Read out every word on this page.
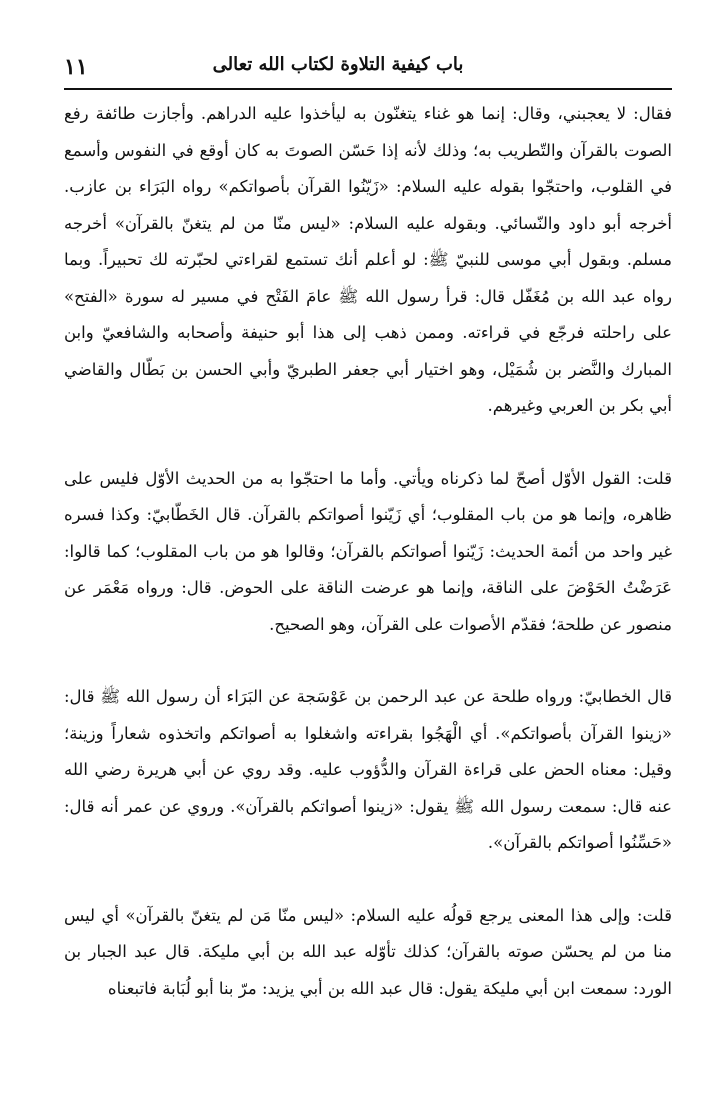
باب كيفية التلاوة لكتاب الله تعالى
١١

فقال: لا يعجبني، وقال: إنما هو غناء يتغنّون به ليأخذوا عليه الدراهم. وأجازت طائفة رفع الصوت بالقرآن والتّطريب به؛ وذلك لأنه إذا حَسّن الصوتَ به كان أوقع في النفوس وأسمع في القلوب، واحتجّوا بقوله عليه السلام: «زَيّنُوا القرآن بأصواتكم» رواه البَرَاء بن عازب. أخرجه أبو داود والنّسائي. وبقوله عليه السلام: «ليس منّا من لم يتغنّ بالقرآن» أخرجه مسلم. وبقول أبي موسى للنبيّ ﷺ: لو أعلم أنك تستمع لقراءتي لحبّرته لك تحبيراً. وبما رواه عبد الله بن مُغَفّل قال: قرأ رسول الله ﷺ عامَ الفَتْح في مسير له سورة «الفتح» على راحلته فرجّع في قراءته. وممن ذهب إلى هذا أبو حنيفة وأصحابه والشافعيّ وابن المبارك والنَّضر بن شُمَيْل، وهو اختيار أبي جعفر الطبريّ وأبي الحسن بن بَطّال والقاضي أبي بكر بن العربي وغيرهم.

قلت: القول الأوّل أصحّ لما ذكرناه ويأتي. وأما ما احتجّوا به من الحديث الأوّل فليس على ظاهره، وإنما هو من باب المقلوب؛ أي زَيّنوا أصواتكم بالقرآن. قال الخَطّابيّ: وكذا فسره غير واحد من أئمة الحديث: زَيّنوا أصواتكم بالقرآن؛ وقالوا هو من باب المقلوب؛ كما قالوا: عَرَضْتُ الحَوْضَ على الناقة، وإنما هو عرضت الناقة على الحوض. قال: ورواه مَعْمَر عن منصور عن طلحة؛ فقدّم الأصوات على القرآن، وهو الصحيح.

قال الخطابيّ: ورواه طلحة عن عبد الرحمن بن عَوْسَجة عن البَرَاء أن رسول الله ﷺ قال: «زينوا القرآن بأصواتكم». أي الْهَجُوا بقراءته واشغلوا به أصواتكم واتخذوه شعاراً وزينة؛ وقيل: معناه الحض على قراءة القرآن والدُّؤوب عليه. وقد روي عن أبي هريرة رضي الله عنه قال: سمعت رسول الله ﷺ يقول: «زينوا أصواتكم بالقرآن». وروي عن عمر أنه قال: «حَسِّنُوا أصواتكم بالقرآن».

قلت: وإلى هذا المعنى يرجع قولُه عليه السلام: «ليس منّا مَن لم يتغنّ بالقرآن» أي ليس منا من لم يحسّن صوته بالقرآن؛ كذلك تأوّله عبد الله بن أبي مليكة. قال عبد الجبار بن الورد: سمعت ابن أبي مليكة يقول: قال عبد الله بن أبي يزيد: مرّ بنا أبو لُبَابة فاتبعناه
